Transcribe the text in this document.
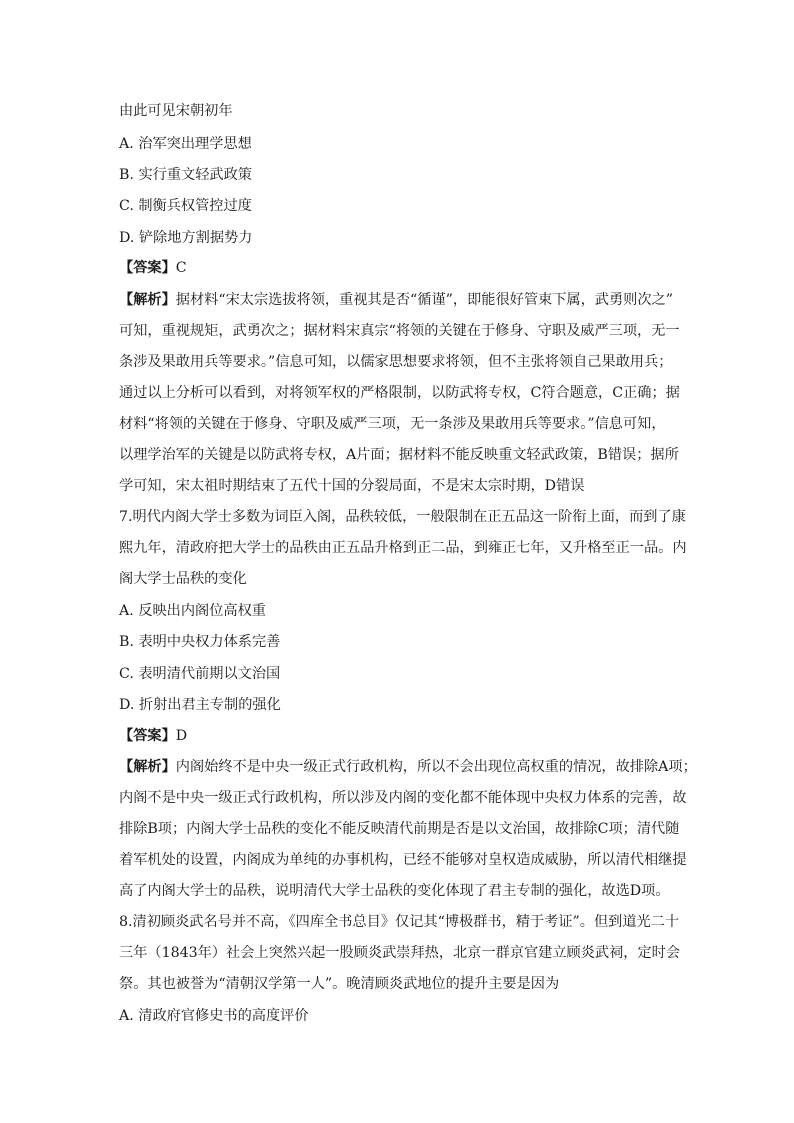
由此可见宋朝初年
A. 治军突出理学思想
B. 实行重文轻武政策
C. 制衡兵权管控过度
D. 铲除地方割据势力
【答案】C
【解析】据材料“宋太宗选拔将领，重视其是否“循谨”，即能很好管束下属，武勇则次之”
可知，重视规矩，武勇次之；据材料宋真宗“将领的关键在于修身、守职及威严三项，无一
条涉及果敢用兵等要求。”信息可知，以儒家思想要求将领，但不主张将领自己果敢用兵；
通过以上分析可以看到，对将领军权的严格限制，以防武将专权，C符合题意，C正确；据
材料“将领的关键在于修身、守职及威严三项，无一条涉及果敢用兵等要求。”信息可知，
以理学治军的关键是以防武将专权，A片面；据材料不能反映重文轻武政策，B错误；据所
学可知，宋太祖时期结束了五代十国的分裂局面，不是宋太宗时期，D错误
7.明代内阁大学士多数为词臣入阁，品秩较低，一般限制在正五品这一阶衔上面，而到了康
熙九年，清政府把大学士的品秩由正五品升格到正二品，到雍正七年，又升格至正一品。内
阁大学士品秩的变化
A. 反映出内阁位高权重
B. 表明中央权力体系完善
C. 表明清代前期以文治国
D. 折射出君主专制的强化
【答案】D
【解析】内阁始终不是中央一级正式行政机构，所以不会出现位高权重的情况，故排除A项；
内阁不是中央一级正式行政机构，所以涉及内阁的变化都不能体现中央权力体系的完善，故
排除B项；内阁大学士品秩的变化不能反映清代前期是否是以文治国，故排除C项；清代随
着军机处的设置，内阁成为单纯的办事机构，已经不能够对皇权造成威胁，所以清代相继提
高了内阁大学士的品秩，说明清代大学士品秩的变化体现了君主专制的强化，故选D项。
8.清初顾炎武名号并不高，《四库全书总目》仅记其“博极群书，精于考证”。但到道光二十
三年（1843年）社会上突然兴起一股顾炎武崇拜热，北京一群京官建立顾炎武祠，定时会
祭。其也被誉为“清朝汉学第一人”。晚清顾炎武地位的提升主要是因为
A. 清政府官修史书的高度评价
